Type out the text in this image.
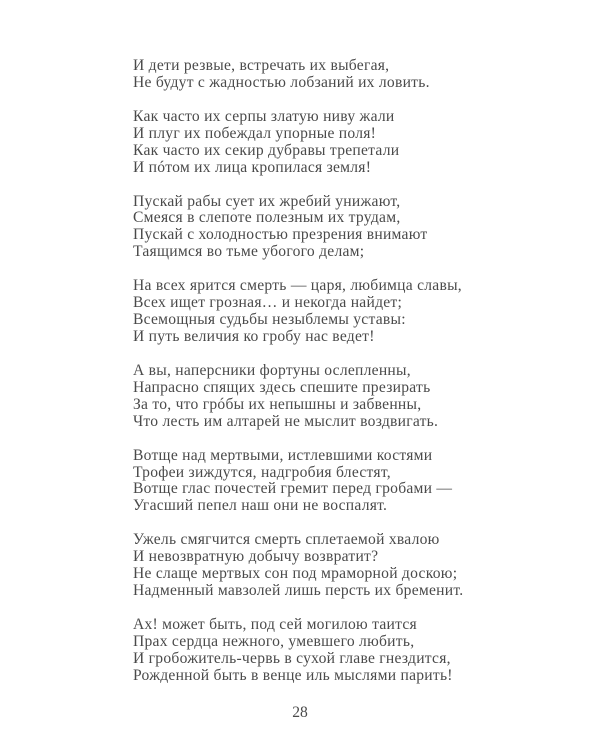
И дети резвые, встречать их выбегая,
Не будут с жадностью лобзаний их ловить.
Как часто их серпы златую ниву жали
И плуг их побеждал упорные поля!
Как часто их секир дубравы трепетали
И пóтом их лица кропилася земля!
Пускай рабы сует их жребий унижают,
Смеяся в слепоте полезным их трудам,
Пускай с холодностью презрения внимают
Таящимся во тьме убогого делам;
На всех ярится смерть — царя, любимца славы,
Всех ищет грозная… и некогда найдет;
Всемощныя судьбы незыблемы уставы:
И путь величия ко гробу нас ведет!
А вы, наперсники фортуны ослепленны,
Напрасно спящих здесь спешите презирать
За то, что грóбы их непышны и забвенны,
Что лесть им алтарей не мыслит воздвигать.
Вотще над мертвыми, истлевшими костями
Трофеи зиждутся, надгробия блестят,
Вотще глас почестей гремит перед гробами —
Угасший пепел наш они не воспалят.
Ужель смягчится смерть сплетаемой хвалою
И невозвратную добычу возвратит?
Не слаще мертвых сон под мраморной доскою;
Надменный мавзолей лишь персть их бременит.
Ах! может быть, под сей могилою таится
Прах сердца нежного, умевшего любить,
И гробожитель-червь в сухой главе гнездится,
Рожденной быть в венце иль мыслями парить!
28
